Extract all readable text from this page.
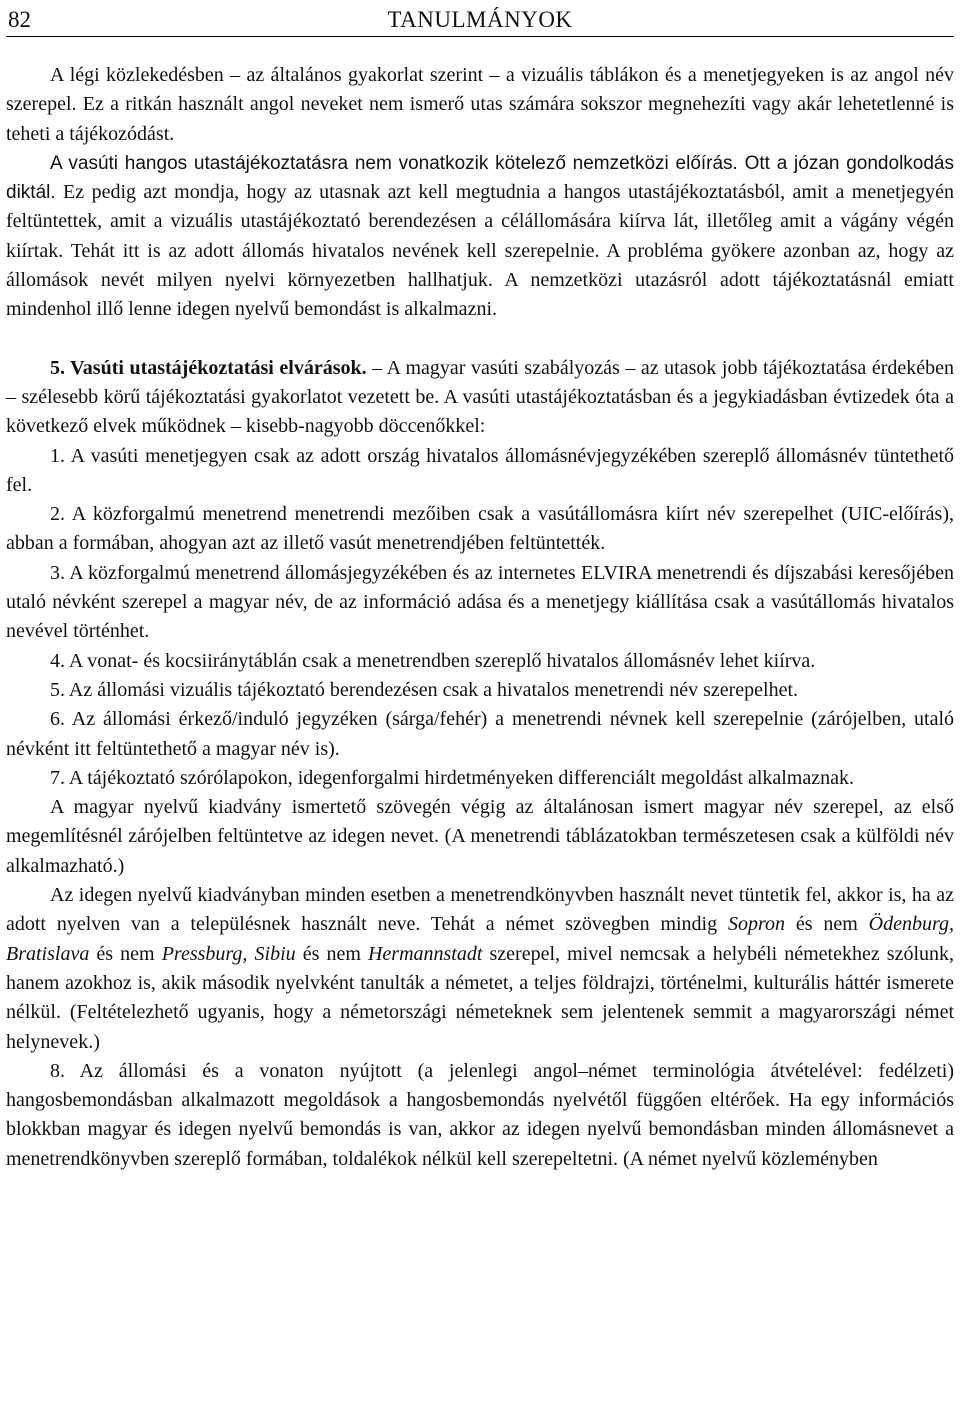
82	TANULMÁNYOK

A légi közlekedésben – az általános gyakorlat szerint – a vizuális táblákon és a menetjegyeken is az angol név szerepel. Ez a ritkán használt angol neveket nem ismerő utas számára sokszor megnehezíti vagy akár lehetetlenné is teheti a tájékozódást.

A vasúti hangos utastájékoztatásra nem vonatkozik kötelező nemzetközi előírás. Ott a józan gondolkodás diktál. Ez pedig azt mondja, hogy az utasnak azt kell megtudnia a hangos utastájékoztatásból, amit a menetjegyén feltüntettek, amit a vizuális utastájékoztató berendezésen a célállomására kiírva lát, illetőleg amit a vágány végén kiírtak. Tehát itt is az adott állomás hivatalos nevének kell szerepelnie. A probléma gyökere azonban az, hogy az állomások nevét milyen nyelvi környezetben hallhatjuk. A nemzetközi utazásról adott tájékoztatásnál emiatt mindenhol illő lenne idegen nyelvű bemondást is alkalmazni.

5. Vasúti utastájékoztatási elvárások. – A magyar vasúti szabályozás – az utasok jobb tájékoztatása érdekében – szélesebb körű tájékoztatási gyakorlatot vezetett be. A vasúti utastájékoztatásban és a jegykiadásban évtizedek óta a következő elvek működnek – kisebb-nagyobb döccenőkkel:

1. A vasúti menetjegyen csak az adott ország hivatalos állomásnévjegyzékében szereplő állomásnév tüntethető fel.

2. A közforgalmú menetrend menetrendi mezőiben csak a vasútállomásra kiírt név szerepelhet (UIC-előírás), abban a formában, ahogyan azt az illető vasút menetrendjében feltüntették.

3. A közforgalmú menetrend állomásjegyzékében és az internetes ELVIRA menetrendi és díjszabási keresőjében utaló névként szerepel a magyar név, de az információ adása és a menetjegy kiállítása csak a vasútállomás hivatalos nevével történhet.

4. A vonat- és kocsiiránytáblán csak a menetrendben szereplő hivatalos állomásnév lehet kiírva.

5. Az állomási vizuális tájékoztató berendezésen csak a hivatalos menetrendi név szerepelhet.

6. Az állomási érkező/induló jegyzéken (sárga/fehér) a menetrendi névnek kell szerepelnie (zárójelben, utaló névként itt feltüntethető a magyar név is).

7. A tájékoztató szórólapokon, idegenforgalmi hirdetményeken differenciált megoldást alkalmaznak.

A magyar nyelvű kiadvány ismertető szövegén végig az általánosan ismert magyar név szerepel, az első megemlítésnél zárójelben feltüntetve az idegen nevet. (A menetrendi táblázatokban természetesen csak a külföldi név alkalmazható.)

Az idegen nyelvű kiadványban minden esetben a menetrendkönyvben használt nevet tüntetik fel, akkor is, ha az adott nyelven van a településnek használt neve. Tehát a német szövegben mindig Sopron és nem Ödenburg, Bratislava és nem Pressburg, Sibiu és nem Hermannstadt szerepel, mivel nemcsak a helybéli németekhez szólunk, hanem azokhoz is, akik második nyelvként tanulták a németet, a teljes földrajzi, történelmi, kulturális háttér ismerete nélkül. (Feltételezhető ugyanis, hogy a németországi németeknek sem jelentenek semmit a magyarországi német helynevek.)

8. Az állomási és a vonaton nyújtott (a jelenlegi angol–német terminológia átvételével: fedélzeti) hangosbemondásban alkalmazott megoldások a hangosbemondás nyelvétől függően eltérőek. Ha egy információs blokkban magyar és idegen nyelvű bemondás is van, akkor az idegen nyelvű bemondásban minden állomásnevet a menetrendkönyvben szereplő formában, toldalékok nélkül kell szerepeltetni. (A német nyelvű közleményben
